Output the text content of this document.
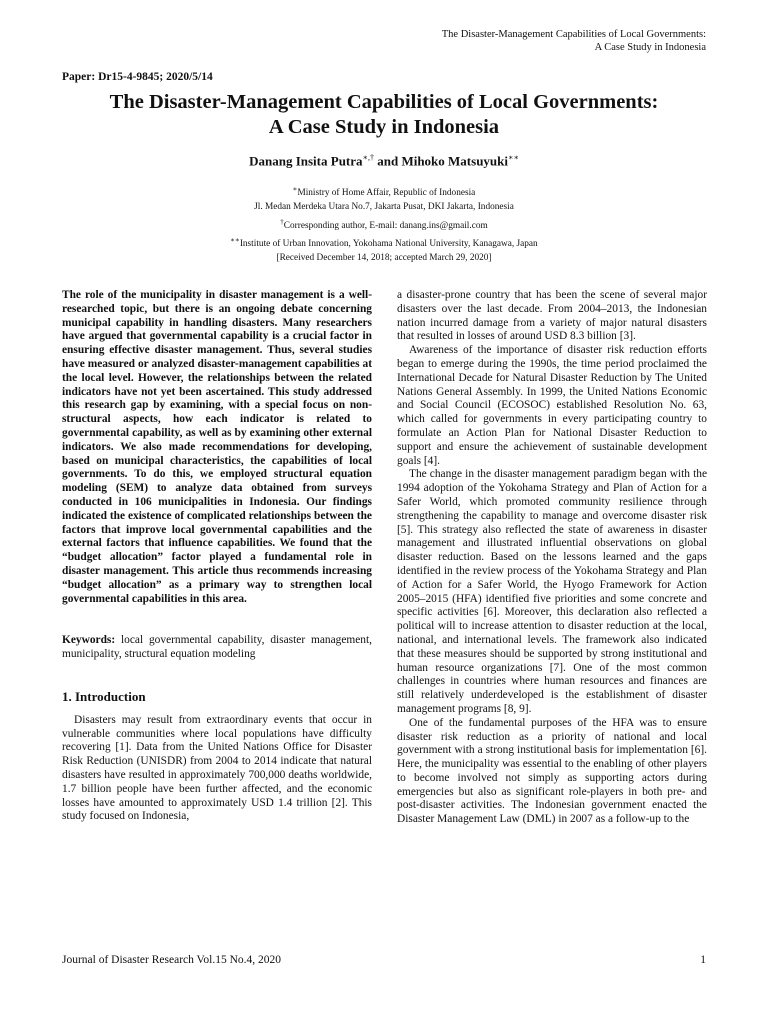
The Disaster-Management Capabilities of Local Governments:
A Case Study in Indonesia
Paper: Dr15-4-9845; 2020/5/14
The Disaster-Management Capabilities of Local Governments:
A Case Study in Indonesia
Danang Insita Putra∗,† and Mihoko Matsuyuki∗∗
∗Ministry of Home Affair, Republic of Indonesia
Jl. Medan Merdeka Utara No.7, Jakarta Pusat, DKI Jakarta, Indonesia
†Corresponding author, E-mail: danang.ins@gmail.com
∗∗Institute of Urban Innovation, Yokohama National University, Kanagawa, Japan
[Received December 14, 2018; accepted March 29, 2020]

The role of the municipality in disaster management is a well-researched topic, but there is an ongoing debate concerning municipal capability in handling disasters. Many researchers have argued that governmental capability is a crucial factor in ensuring effective disaster management. Thus, several studies have measured or analyzed disaster-management capabilities at the local level. However, the relationships between the related indicators have not yet been ascertained. This study addressed this research gap by examining, with a special focus on non-structural aspects, how each indicator is related to governmental capability, as well as by examining other external indicators. We also made recommendations for developing, based on municipal characteristics, the capabilities of local governments. To do this, we employed structural equation modeling (SEM) to analyze data obtained from surveys conducted in 106 municipalities in Indonesia. Our findings indicated the existence of complicated relationships between the factors that improve local governmental capabilities and the external factors that influence capabilities. We found that the “budget allocation” factor played a fundamental role in disaster management. This article thus recommends increasing “budget allocation” as a primary way to strengthen local governmental capabilities in this area.

Keywords: local governmental capability, disaster management, municipality, structural equation modeling

1. Introduction

Disasters may result from extraordinary events that occur in vulnerable communities where local populations have difficulty recovering [1]. Data from the United Nations Office for Disaster Risk Reduction (UNISDR) from 2004 to 2014 indicate that natural disasters have resulted in approximately 700,000 deaths worldwide, 1.7 billion people have been further affected, and the economic losses have amounted to approximately USD 1.4 trillion [2]. This study focused on Indonesia,

a disaster-prone country that has been the scene of several major disasters over the last decade. From 2004–2013, the Indonesian nation incurred damage from a variety of major natural disasters that resulted in losses of around USD 8.3 billion [3].

Awareness of the importance of disaster risk reduction efforts began to emerge during the 1990s, the time period proclaimed the International Decade for Natural Disaster Reduction by The United Nations General Assembly. In 1999, the United Nations Economic and Social Council (ECOSOC) established Resolution No. 63, which called for governments in every participating country to formulate an Action Plan for National Disaster Reduction to support and ensure the achievement of sustainable development goals [4].

The change in the disaster management paradigm began with the 1994 adoption of the Yokohama Strategy and Plan of Action for a Safer World, which promoted community resilience through strengthening the capability to manage and overcome disaster risk [5]. This strategy also reflected the state of awareness in disaster management and illustrated influential observations on global disaster reduction. Based on the lessons learned and the gaps identified in the review process of the Yokohama Strategy and Plan of Action for a Safer World, the Hyogo Framework for Action 2005–2015 (HFA) identified five priorities and some concrete and specific activities [6]. Moreover, this declaration also reflected a political will to increase attention to disaster reduction at the local, national, and international levels. The framework also indicated that these measures should be supported by strong institutional and human resource organizations [7]. One of the most common challenges in countries where human resources and finances are still relatively underdeveloped is the establishment of disaster management programs [8, 9].

One of the fundamental purposes of the HFA was to ensure disaster risk reduction as a priority of national and local government with a strong institutional basis for implementation [6]. Here, the municipality was essential to the enabling of other players to become involved not simply as supporting actors during emergencies but also as significant role-players in both pre- and post-disaster activities. The Indonesian government enacted the Disaster Management Law (DML) in 2007 as a follow-up to the

Journal of Disaster Research Vol.15 No.4, 2020	1
